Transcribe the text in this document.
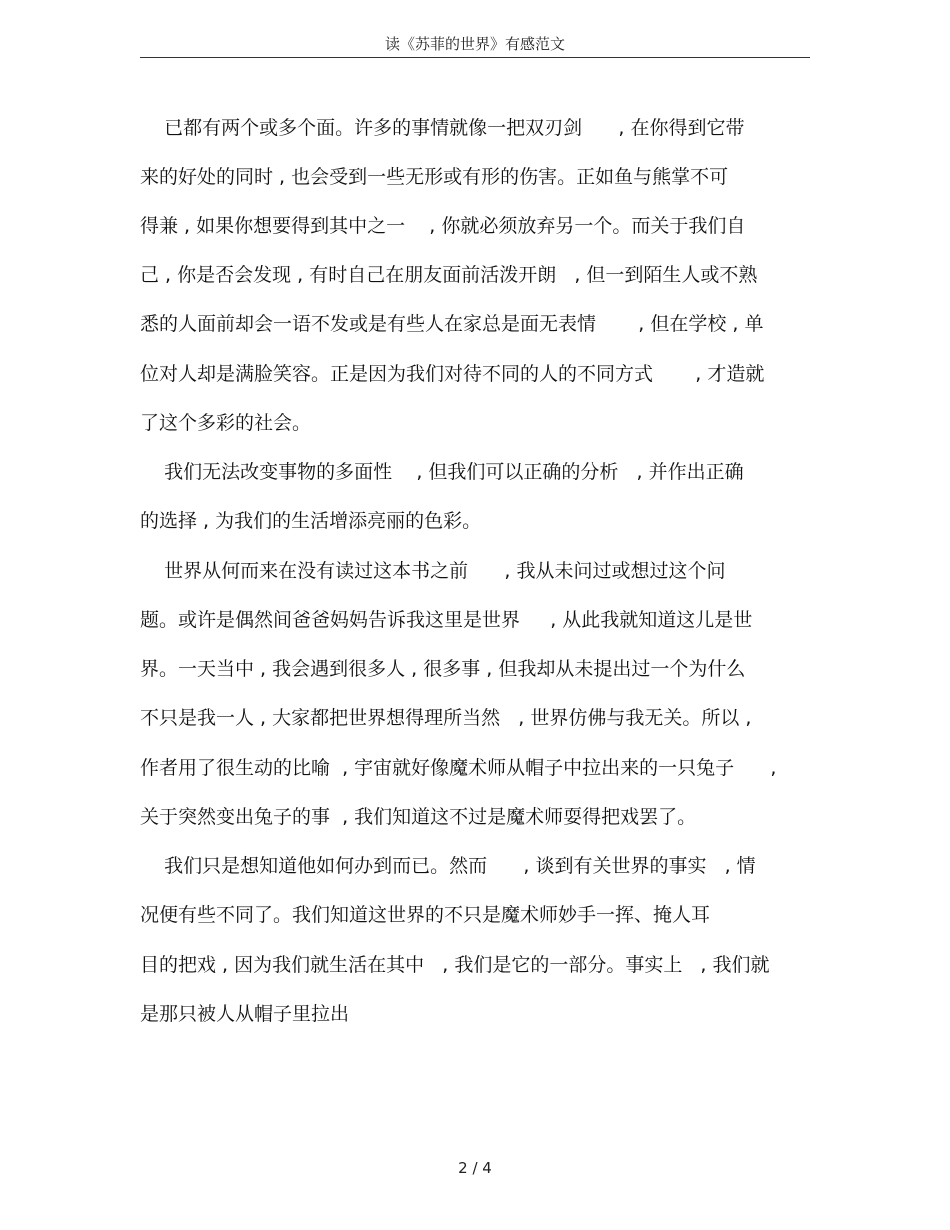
读《苏菲的世界》有感范文
已都有两个或多个面。许多的事情就像一把双刃剑      , 在你得到它带
来的好处的同时 , 也会受到一些无形或有形的伤害。正如鱼与熊掌不可
得兼 , 如果你想要得到其中之一    , 你就必须放弃另一个。而关于我们自
己 , 你是否会发现 , 有时自己在朋友面前活泼开朗   , 但一到陌生人或不熟
悉的人面前却会一语不发或是有些人在家总是面无表情       , 但在学校 , 单
位对人却是满脸笑容。正是因为我们对待不同的人的不同方式       , 才造就
了这个多彩的社会。
我们无法改变事物的多面性    , 但我们可以正确的分析   , 并作出正确
的选择 , 为我们的生活增添亮丽的色彩。
世界从何而来在没有读过这本书之前      , 我从未问过或想过这个问
题。或许是偶然间爸爸妈妈告诉我这里是世界     , 从此我就知道这儿是世
界。一天当中 , 我会遇到很多人 , 很多事 , 但我却从未提出过一个为什么
不只是我一人 , 大家都把世界想得理所当然   , 世界仿佛与我无关。所以 ,
作者用了很生动的比喻  , 宇宙就好像魔术师从帽子中拉出来的一只兔子      ,
关于突然变出兔子的事  , 我们知道这不过是魔术师耍得把戏罢了。
我们只是想知道他如何办到而已。然而      , 谈到有关世界的事实   , 情
况便有些不同了。我们知道这世界的不只是魔术师妙手一挥、掩人耳
目的把戏 , 因为我们就生活在其中   , 我们是它的一部分。事实上   , 我们就
是那只被人从帽子里拉出
2 / 4
